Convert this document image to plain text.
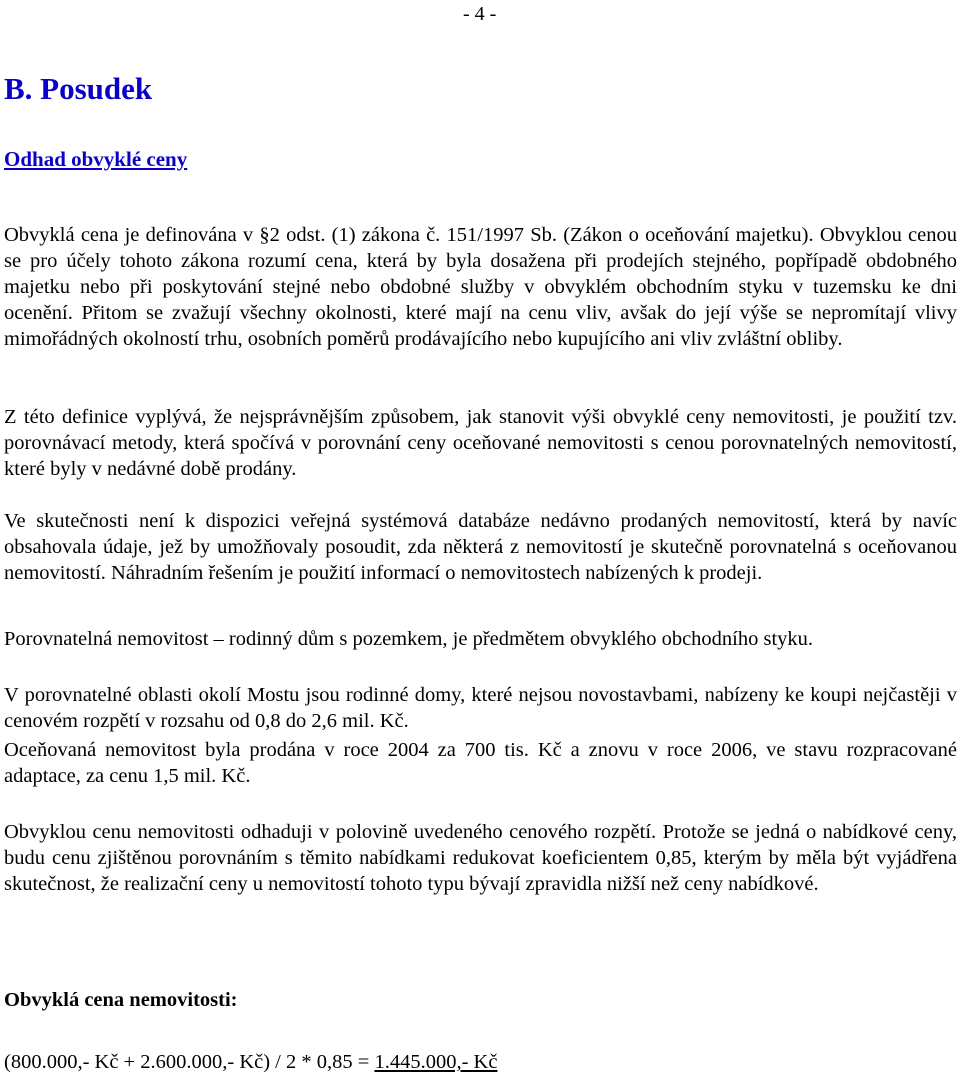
- 4 -
B. Posudek
Odhad obvyklé ceny

Obvyklá cena je definována v §2 odst. (1) zákona č. 151/1997 Sb. (Zákon o oceňování majetku). Obvyklou cenou se pro účely tohoto zákona rozumí cena, která by byla dosažena při prodejích stejného, popřípadě obdobného majetku nebo při poskytování stejné nebo obdobné služby v obvyklém obchodním styku v tuzemsku ke dni ocenění. Přitom se zvažují všechny okolnosti, které mají na cenu vliv, avšak do její výše se nepromítají vlivy mimořádných okolností trhu, osobních poměrů prodávajícího nebo kupujícího ani vliv zvláštní obliby.

Z této definice vyplývá, že nejsprávnějším způsobem, jak stanovit výši obvyklé ceny nemovitosti, je použití tzv. porovnávací metody, která spočívá v porovnání ceny oceňované nemovitosti s cenou porovnatelných nemovitostí, které byly v nedávné době prodány.

Ve skutečnosti není k dispozici veřejná systémová databáze nedávno prodaných nemovitostí, která by navíc obsahovala údaje, jež by umožňovaly posoudit, zda některá z nemovitostí je skutečně porovnatelná s oceňovanou nemovitostí. Náhradním řešením je použití informací o nemovitostech nabízených k prodeji.

Porovnatelná nemovitost – rodinný dům s pozemkem, je předmětem obvyklého obchodního styku.

V porovnatelné oblasti okolí Mostu jsou rodinné domy, které nejsou novostavbami, nabízeny ke koupi nejčastěji v cenovém rozpětí v rozsahu od 0,8 do 2,6 mil. Kč.

Oceňovaná nemovitost byla prodána v roce 2004 za 700 tis. Kč a znovu v roce 2006, ve stavu rozpracované adaptace, za cenu 1,5 mil. Kč.

Obvyklou cenu nemovitosti odhaduji v polovině uvedeného cenového rozpětí. Protože se jedná o nabídkové ceny, budu cenu zjištěnou porovnáním s těmito nabídkami redukovat koeficientem 0,85, kterým by měla být vyjádřena skutečnost, že realizační ceny u nemovitostí tohoto typu bývají zpravidla nižší než ceny nabídkové.

Obvyklá cena nemovitosti:

(800.000,- Kč + 2.600.000,- Kč) / 2 * 0,85 = 1.445.000,- Kč
